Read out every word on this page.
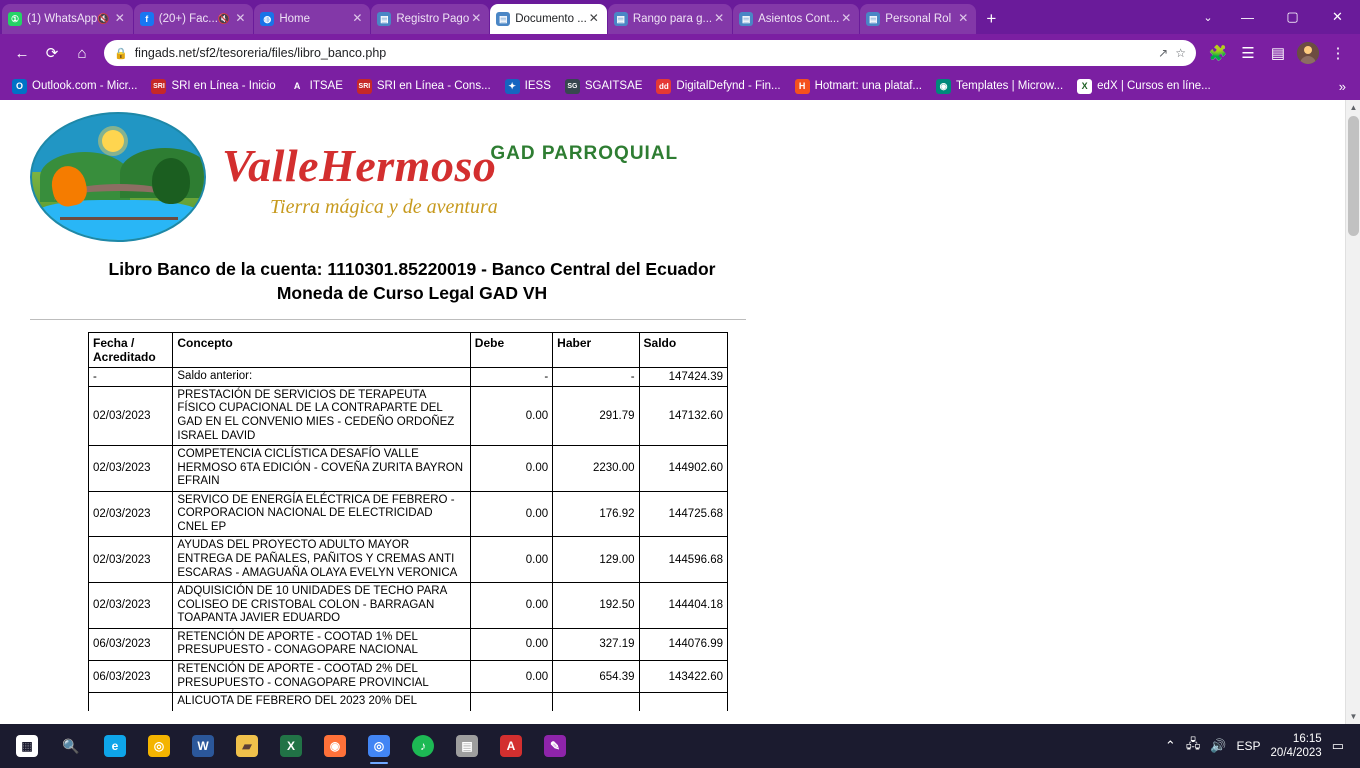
① (1) WhatsApp 🔇 ✕	f (20+) Fac... 🔇 ✕	◍ Home	✕	▤ Registro Pago ✕	▤ Documento ... ✕	▤ Rango para g... ✕	▤ Asientos Cont... ✕	▤ Personal Rol ✕	+	⌄	—	▢	✕
←	⟳	⌂	🔒 fingads.net/sf2/tesoreria/files/libro_banco.php	↗ ☆	🧩 ☰	▤	⋮
O Outlook.com - Micr... SRI SRI en Línea - Inicio	A ITSAE SRI SRI en Línea - Cons...	✦ IESS	SG SGAITSAE	dd DigitalDefynd - Fin...	H Hotmart: una plataf...	◉ Templates | Microw...	X edX | Cursos en líne...	»
ValleHermosoGAD PARROQUIAL
Tierra mágica y de aventura
Libro Banco de la cuenta: 1110301.85220019 - Banco Central del Ecuador
Moneda de Curso Legal GAD VH
Fecha / Acreditado	Concepto	Debe	Haber	Saldo
-	Saldo anterior:	-	-	147424.39
02/03/2023	PRESTACIÓN DE SERVICIOS DE TERAPEUTA FÍSICO CUPACIONAL DE LA CONTRAPARTE DEL GAD EN EL CONVENIO MIES - CEDEÑO ORDOÑEZ ISRAEL DAVID	0.00	291.79	147132.60
02/03/2023	COMPETENCIA CICLÍSTICA DESAFÍO VALLE HERMOSO 6TA EDICIÓN - COVEÑA ZURITA BAYRON EFRAIN	0.00	2230.00	144902.60
02/03/2023	SERVICO DE ENERGÍA ELÉCTRICA DE FEBRERO - CORPORACION NACIONAL DE ELECTRICIDAD CNEL EP	0.00	176.92	144725.68
02/03/2023	AYUDAS DEL PROYECTO ADULTO MAYOR ENTREGA DE PAÑALES, PAÑITOS Y CREMAS ANTI ESCARAS - AMAGUAÑA OLAYA EVELYN VERONICA	0.00	129.00	144596.68
02/03/2023	ADQUISICIÓN DE 10 UNIDADES DE TECHO PARA COLISEO DE CRISTOBAL COLON - BARRAGAN TOAPANTA JAVIER EDUARDO	0.00	192.50	144404.18
06/03/2023	RETENCIÓN DE APORTE - COOTAD 1% DEL PRESUPUESTO - CONAGOPARE NACIONAL	0.00	327.19	144076.99
06/03/2023	RETENCIÓN DE APORTE - COOTAD 2% DEL PRESUPUESTO - CONAGOPARE PROVINCIAL	0.00	654.39	143422.60
	ALICUOTA DE FEBRERO DEL 2023 20% DEL			
▲
▼
▦	🔍	e	◎	W	▰	X	◉	◎	♪	▤	A	✎	⌃ 🖧 🔊 ESP
16:15
20/4/2023 ▭
